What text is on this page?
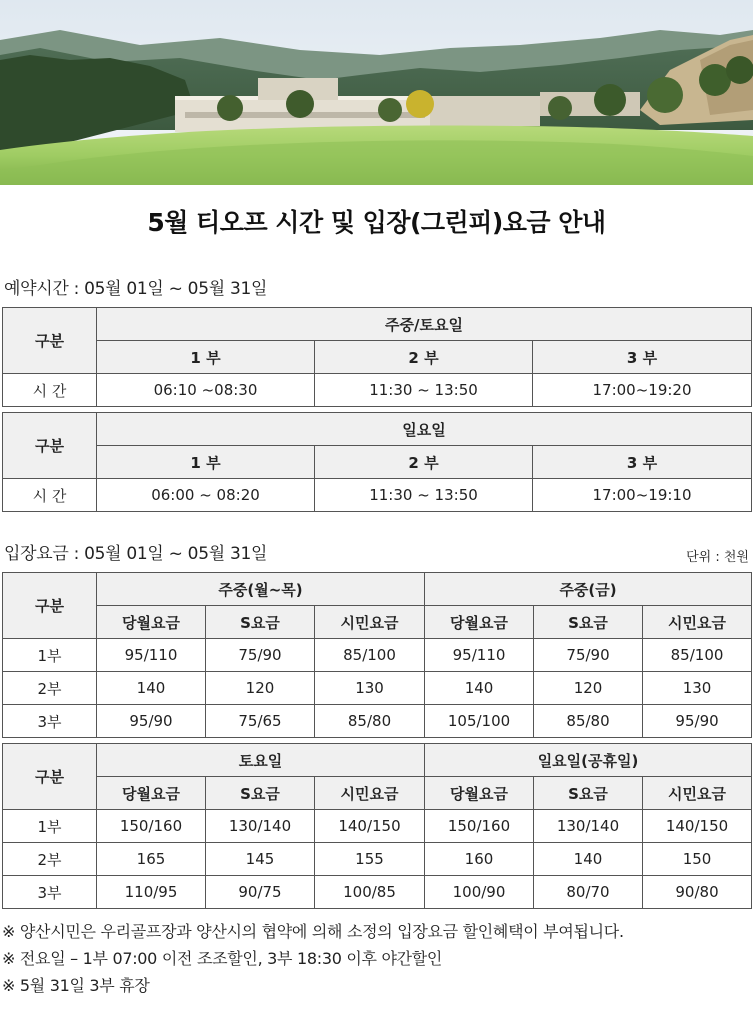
5월 티오프 시간 및 입장(그린피)요금 안내
예약시간 : 05월 01일 ~ 05월 31일
구분	주중/토요일		
	1 부	2 부	3 부
시 간	06:10 ~08:30	11:30 ~ 13:50	17:00~19:20
구분	일요일		
	1 부	2 부	3 부
시 간	06:00 ~ 08:20	11:30 ~ 13:50	17:00~19:10
입장요금 : 05월 01일 ~ 05월 31일	단위 : 천원
구분	주중(월~목)			주중(금)		
	당월요금	S요금	시민요금	당월요금	S요금	시민요금
1부	95/110	75/90	85/100	95/110	75/90	85/100
2부	140	120	130	140	120	130
3부	95/90	75/65	85/80	105/100	85/80	95/90
구분	토요일			일요일(공휴일)		
	당월요금	S요금	시민요금	당월요금	S요금	시민요금
1부	150/160	130/140	140/150	150/160	130/140	140/150
2부	165	145	155	160	140	150
3부	110/95	90/75	100/85	100/90	80/70	90/80
※ 양산시민은 우리골프장과 양산시의 협약에 의해 소정의 입장요금 할인혜택이 부여됩니다.
※ 전요일 – 1부 07:00 이전 조조할인, 3부 18:30 이후 야간할인
※ 5월 31일 3부 휴장
